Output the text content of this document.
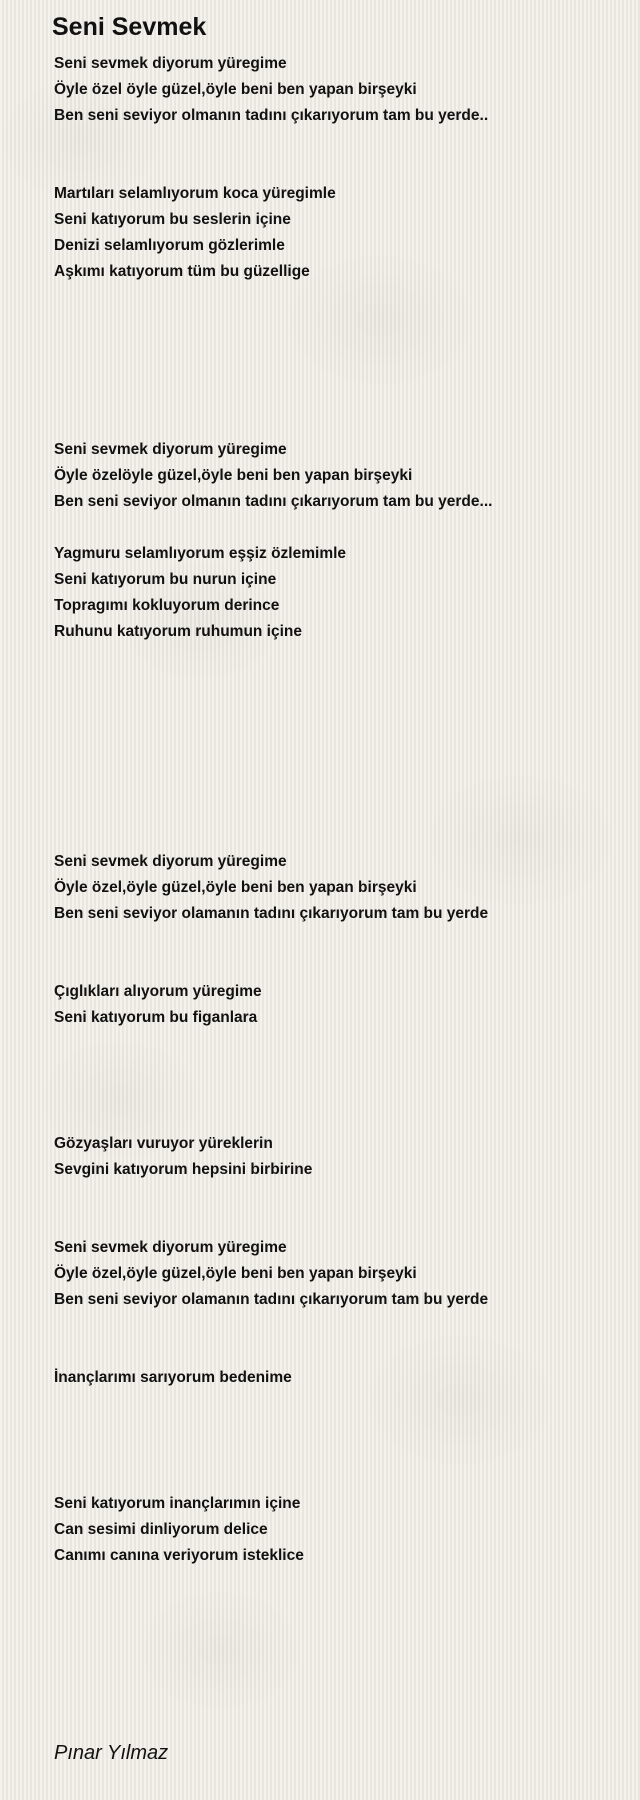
Seni Sevmek
Seni sevmek diyorum yüregime
Öyle özel öyle güzel,öyle beni ben yapan birşeyki
Ben seni seviyor olmanın tadını çıkarıyorum tam bu yerde..
Martıları selamlıyorum koca yüregimle
Seni katıyorum bu seslerin içine
Denizi selamlıyorum gözlerimle
Aşkımı katıyorum tüm bu güzellige
Seni sevmek diyorum yüregime
Öyle özelöyle güzel,öyle beni ben yapan birşeyki
Ben seni seviyor olmanın tadını çıkarıyorum tam bu yerde...
Yagmuru selamlıyorum eşşiz özlemimle
Seni katıyorum bu nurun içine
Topragımı kokluyorum derince
Ruhunu katıyorum ruhumun içine
Seni sevmek diyorum yüregime
Öyle özel,öyle güzel,öyle beni ben yapan birşeyki
Ben seni seviyor olamanın tadını çıkarıyorum tam bu yerde
Çıglıkları alıyorum yüregime
Seni katıyorum bu figanlara
Gözyaşları vuruyor yüreklerin
Sevgini katıyorum hepsini birbirine
Seni sevmek diyorum yüregime
Öyle özel,öyle güzel,öyle beni ben yapan birşeyki
Ben seni seviyor olamanın tadını çıkarıyorum tam bu yerde
İnançlarımı sarıyorum bedenime
Seni katıyorum inançlarımın içine
Can sesimi dinliyorum delice
Canımı canına veriyorum isteklice
Pınar Yılmaz
